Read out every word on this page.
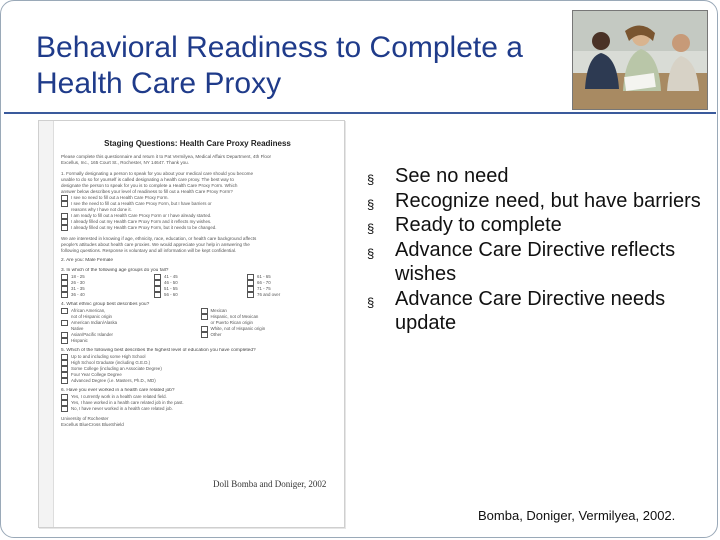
Behavioral Readiness to Complete a Health Care Proxy
Staging Questions: Health Care Proxy Readiness
Please complete this questionnaire and return it to Pat Vermilyea, Medical Affairs Department, 4th Floor
Excellus, Inc., 165 Court St., Rochester, NY 14647. Thank you.
1. Formally designating a person to speak for you about your medical care should you become
unable to do so for yourself is called designating a health care proxy. The best way to
designate the person to speak for you is to complete a Health Care Proxy Form. Which
answer below describes your level of readiness to fill out a Health Care Proxy Form?
I see no need to fill out a Health Care Proxy Form.
I see the need to fill out a Health Care Proxy Form, but I have barriers or
reasons why I have not done it.
I am ready to fill out a Health Care Proxy Form or I have already started.
I already filled out my Health Care Proxy Form and it reflects my wishes.
I already filled out my Health Care Proxy Form, but it needs to be changed.
We are interested in knowing if age, ethnicity, race, education, or health care background affects
people's attitudes about health care proxies. We would appreciate your help in answering the
following questions. Response is voluntary and all information will be kept confidential.
2. Are you: Male Female
3. In which of the following age groups do you fall?
18 - 25
26 - 30
31 - 35
36 - 40
41 - 45
46 - 50
51 - 55
56 - 60
61 - 65
66 - 70
71 - 75
76 and over
4. What ethnic group best describes you?
African American,
not of Hispanic origin
American Indian/Alaska
Native
Asian/Pacific Islander
Hispanic
Mexican
Hispanic, not of Mexican
or Puerto Rican origin
White, not of Hispanic origin
Other
5. Which of the following best describes the highest level of education you have completed?
Up to and including some High School
High School Graduate (including G.E.D.)
Some College (including an Associate Degree)
Four Year College Degree
Advanced Degree (i.e. Masters, Ph.D., MD)
6. Have you ever worked in a health care related job?
Yes, I currently work in a health care related field.
Yes, I have worked in a health care related job in the past.
No, I have never worked in a health care related job.
University of Rochester
Excellus BlueCross BlueShield
Doll Bomba and Doniger, 2002
§ See no need
§ Recognize need, but have barriers
§ Ready to complete
§ Advance Care Directive reflects wishes
§ Advance Care Directive needs update
Bomba, Doniger, Vermilyea, 2002.
